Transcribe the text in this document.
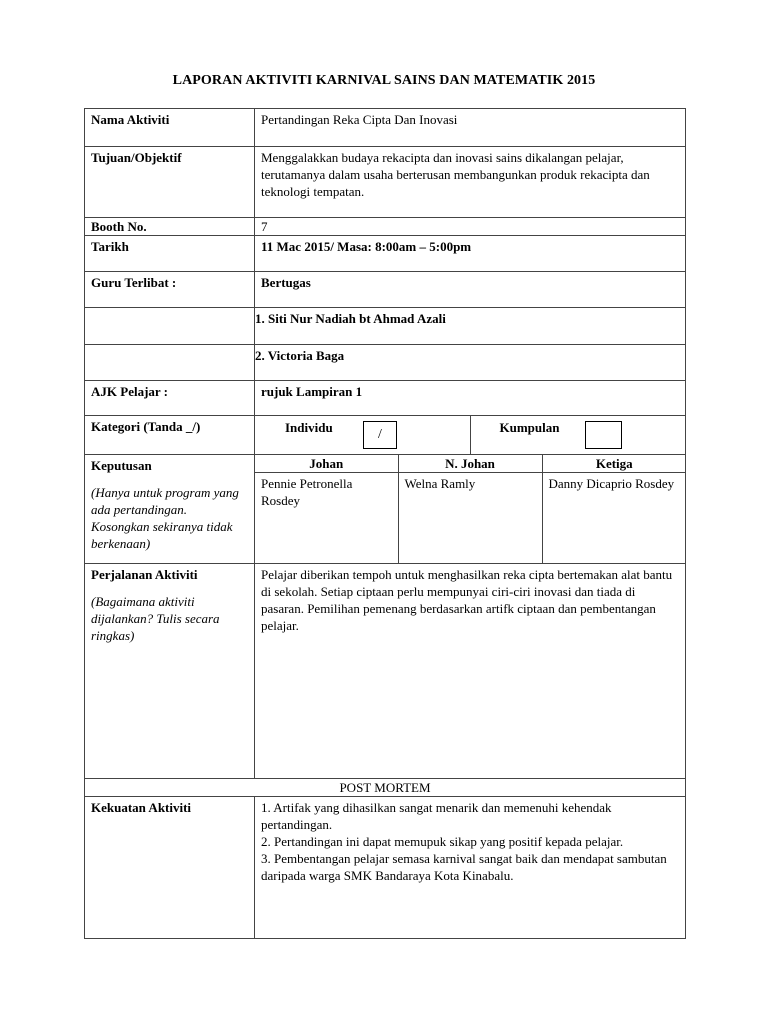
LAPORAN AKTIVITI KARNIVAL SAINS DAN MATEMATIK 2015
Nama Aktiviti	Pertandingan Reka Cipta Dan Inovasi
Tujuan/Objektif	Menggalakkan budaya rekacipta dan inovasi sains dikalangan pelajar, terutamanya dalam usaha berterusan membangunkan produk rekacipta dan teknologi tempatan.
Booth No.	7
Tarikh	11 Mac 2015/ Masa: 8:00am – 5:00pm
Guru Terlibat :	Bertugas
	1. Siti Nur Nadiah bt Ahmad Azali
	2. Victoria Baga
AJK Pelajar :	rujuk Lampiran 1
Kategori (Tanda _/)		Individu	/	Kumpulan

Keputusan
(Hanya untuk program yang ada pertandingan. Kosongkan sekiranya tidak berkenaan)

Johan	N. Johan	Ketiga
Pennie Petronella Rosdey	Welna Ramly	Danny Dicaprio Rosdey

Perjalanan Aktiviti
(Bagaimana aktiviti dijalankan? Tulis secara ringkas)
	Pelajar diberikan tempoh untuk menghasilkan reka cipta bertemakan alat bantu di sekolah. Setiap ciptaan perlu mempunyai ciri-ciri inovasi dan tiada di pasaran. Pemilihan pemenang berdasarkan artifk ciptaan dan pembentangan pelajar.
POST MORTEM
Kekuatan Aktiviti	1. Artifak yang dihasilkan sangat menarik dan memenuhi kehendak pertandingan.
2. Pertandingan ini dapat memupuk sikap yang positif kepada pelajar.
3. Pembentangan pelajar semasa karnival sangat baik dan mendapat sambutan daripada warga SMK Bandaraya Kota Kinabalu.
